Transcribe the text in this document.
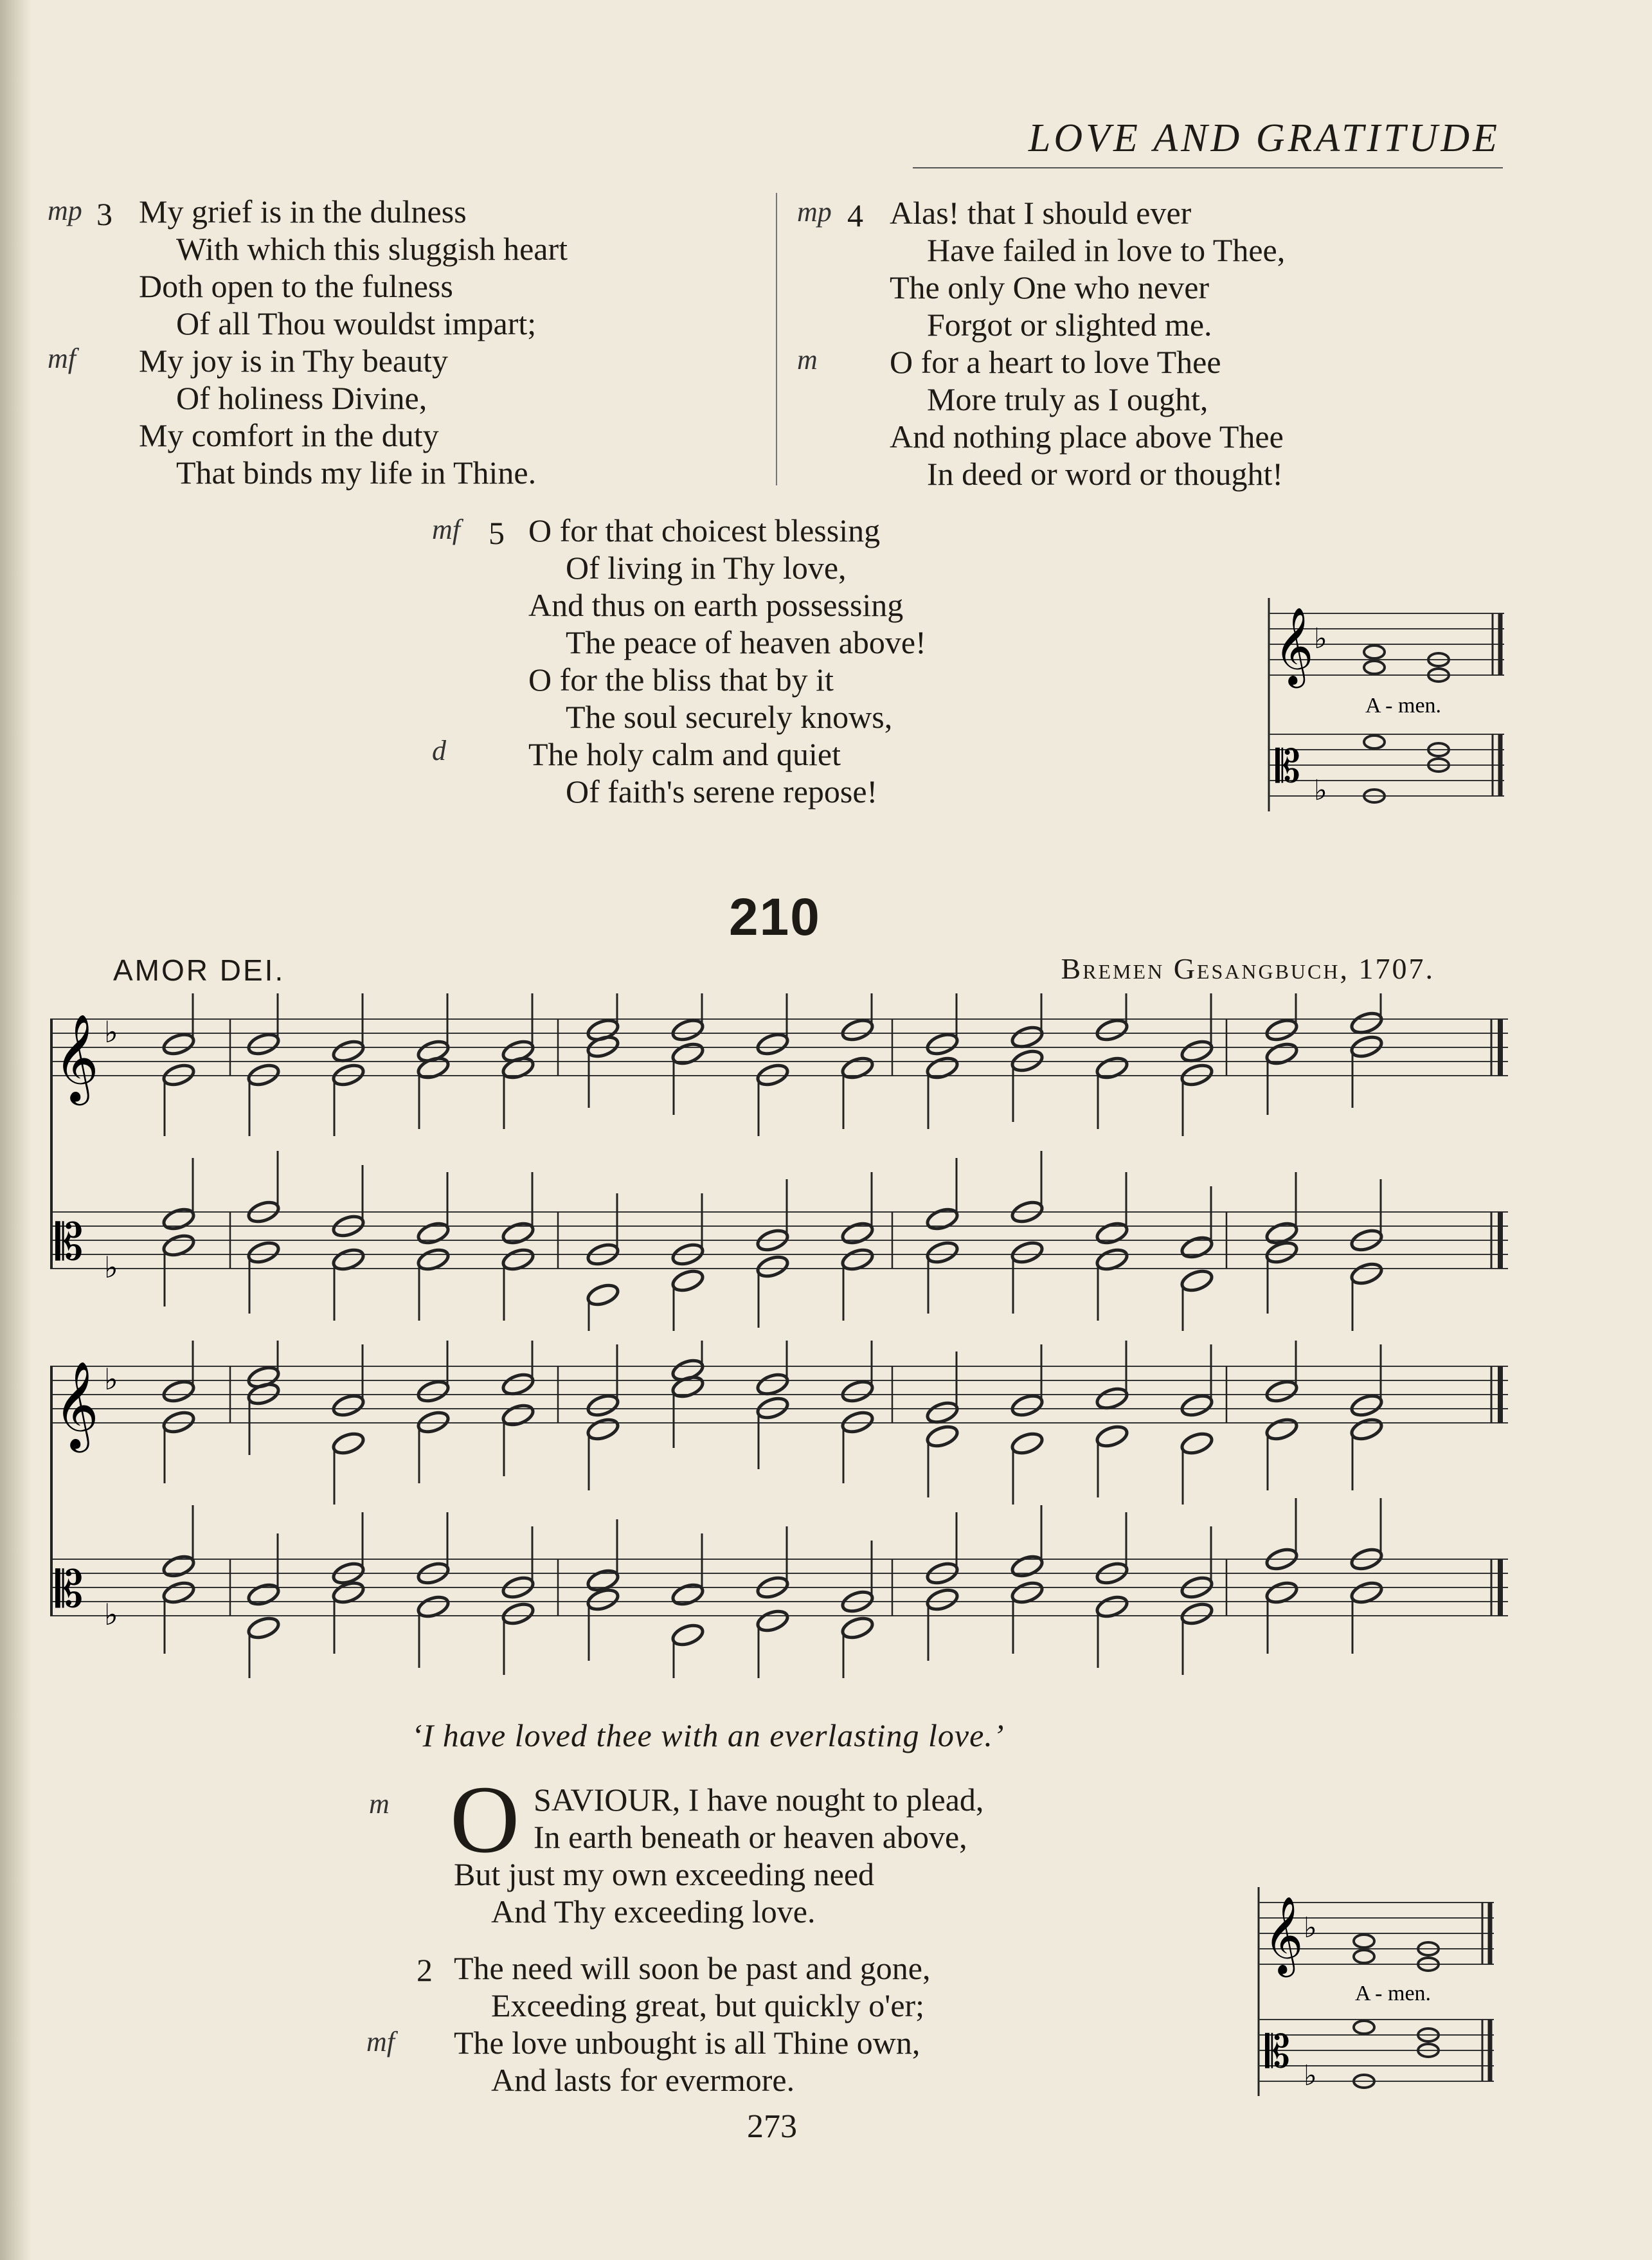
LOVE AND GRATITUDE
mp 3
mf
My grief is in the dulness
With which this sluggish heart
Doth open to the fulness
Of all Thou wouldst impart;
My joy is in Thy beauty
Of holiness Divine,
My comfort in the duty
That binds my life in Thine.
mp 4
m
Alas! that I should ever
Have failed in love to Thee,
The only One who never
Forgot or slighted me.
O for a heart to love Thee
More truly as I ought,
And nothing place above Thee
In deed or word or thought!
mf 5
d
O for that choicest blessing
Of living in Thy love,
And thus on earth possessing
The peace of heaven above!
O for the bliss that by it
The soul securely knows,
The holy calm and quiet
Of faith's serene repose!
𝄞 ♭
A - men.
𝄡 ♭
210
AMOR DEI.	Bremen Gesangbuch, 1707.
𝄞
𝄡
♭
♭
𝄞
𝄡
♭
♭
‘I have loved thee with an everlasting love.’
m O SAVIOUR, I have nought to plead,
In earth beneath or heaven above,
But just my own exceeding need
And Thy exceeding love.
2
mf
The need will soon be past and gone,
Exceeding great, but quickly o'er;
The love unbought is all Thine own,
And lasts for evermore.
𝄞 ♭
A - men.
𝄡 ♭
273
